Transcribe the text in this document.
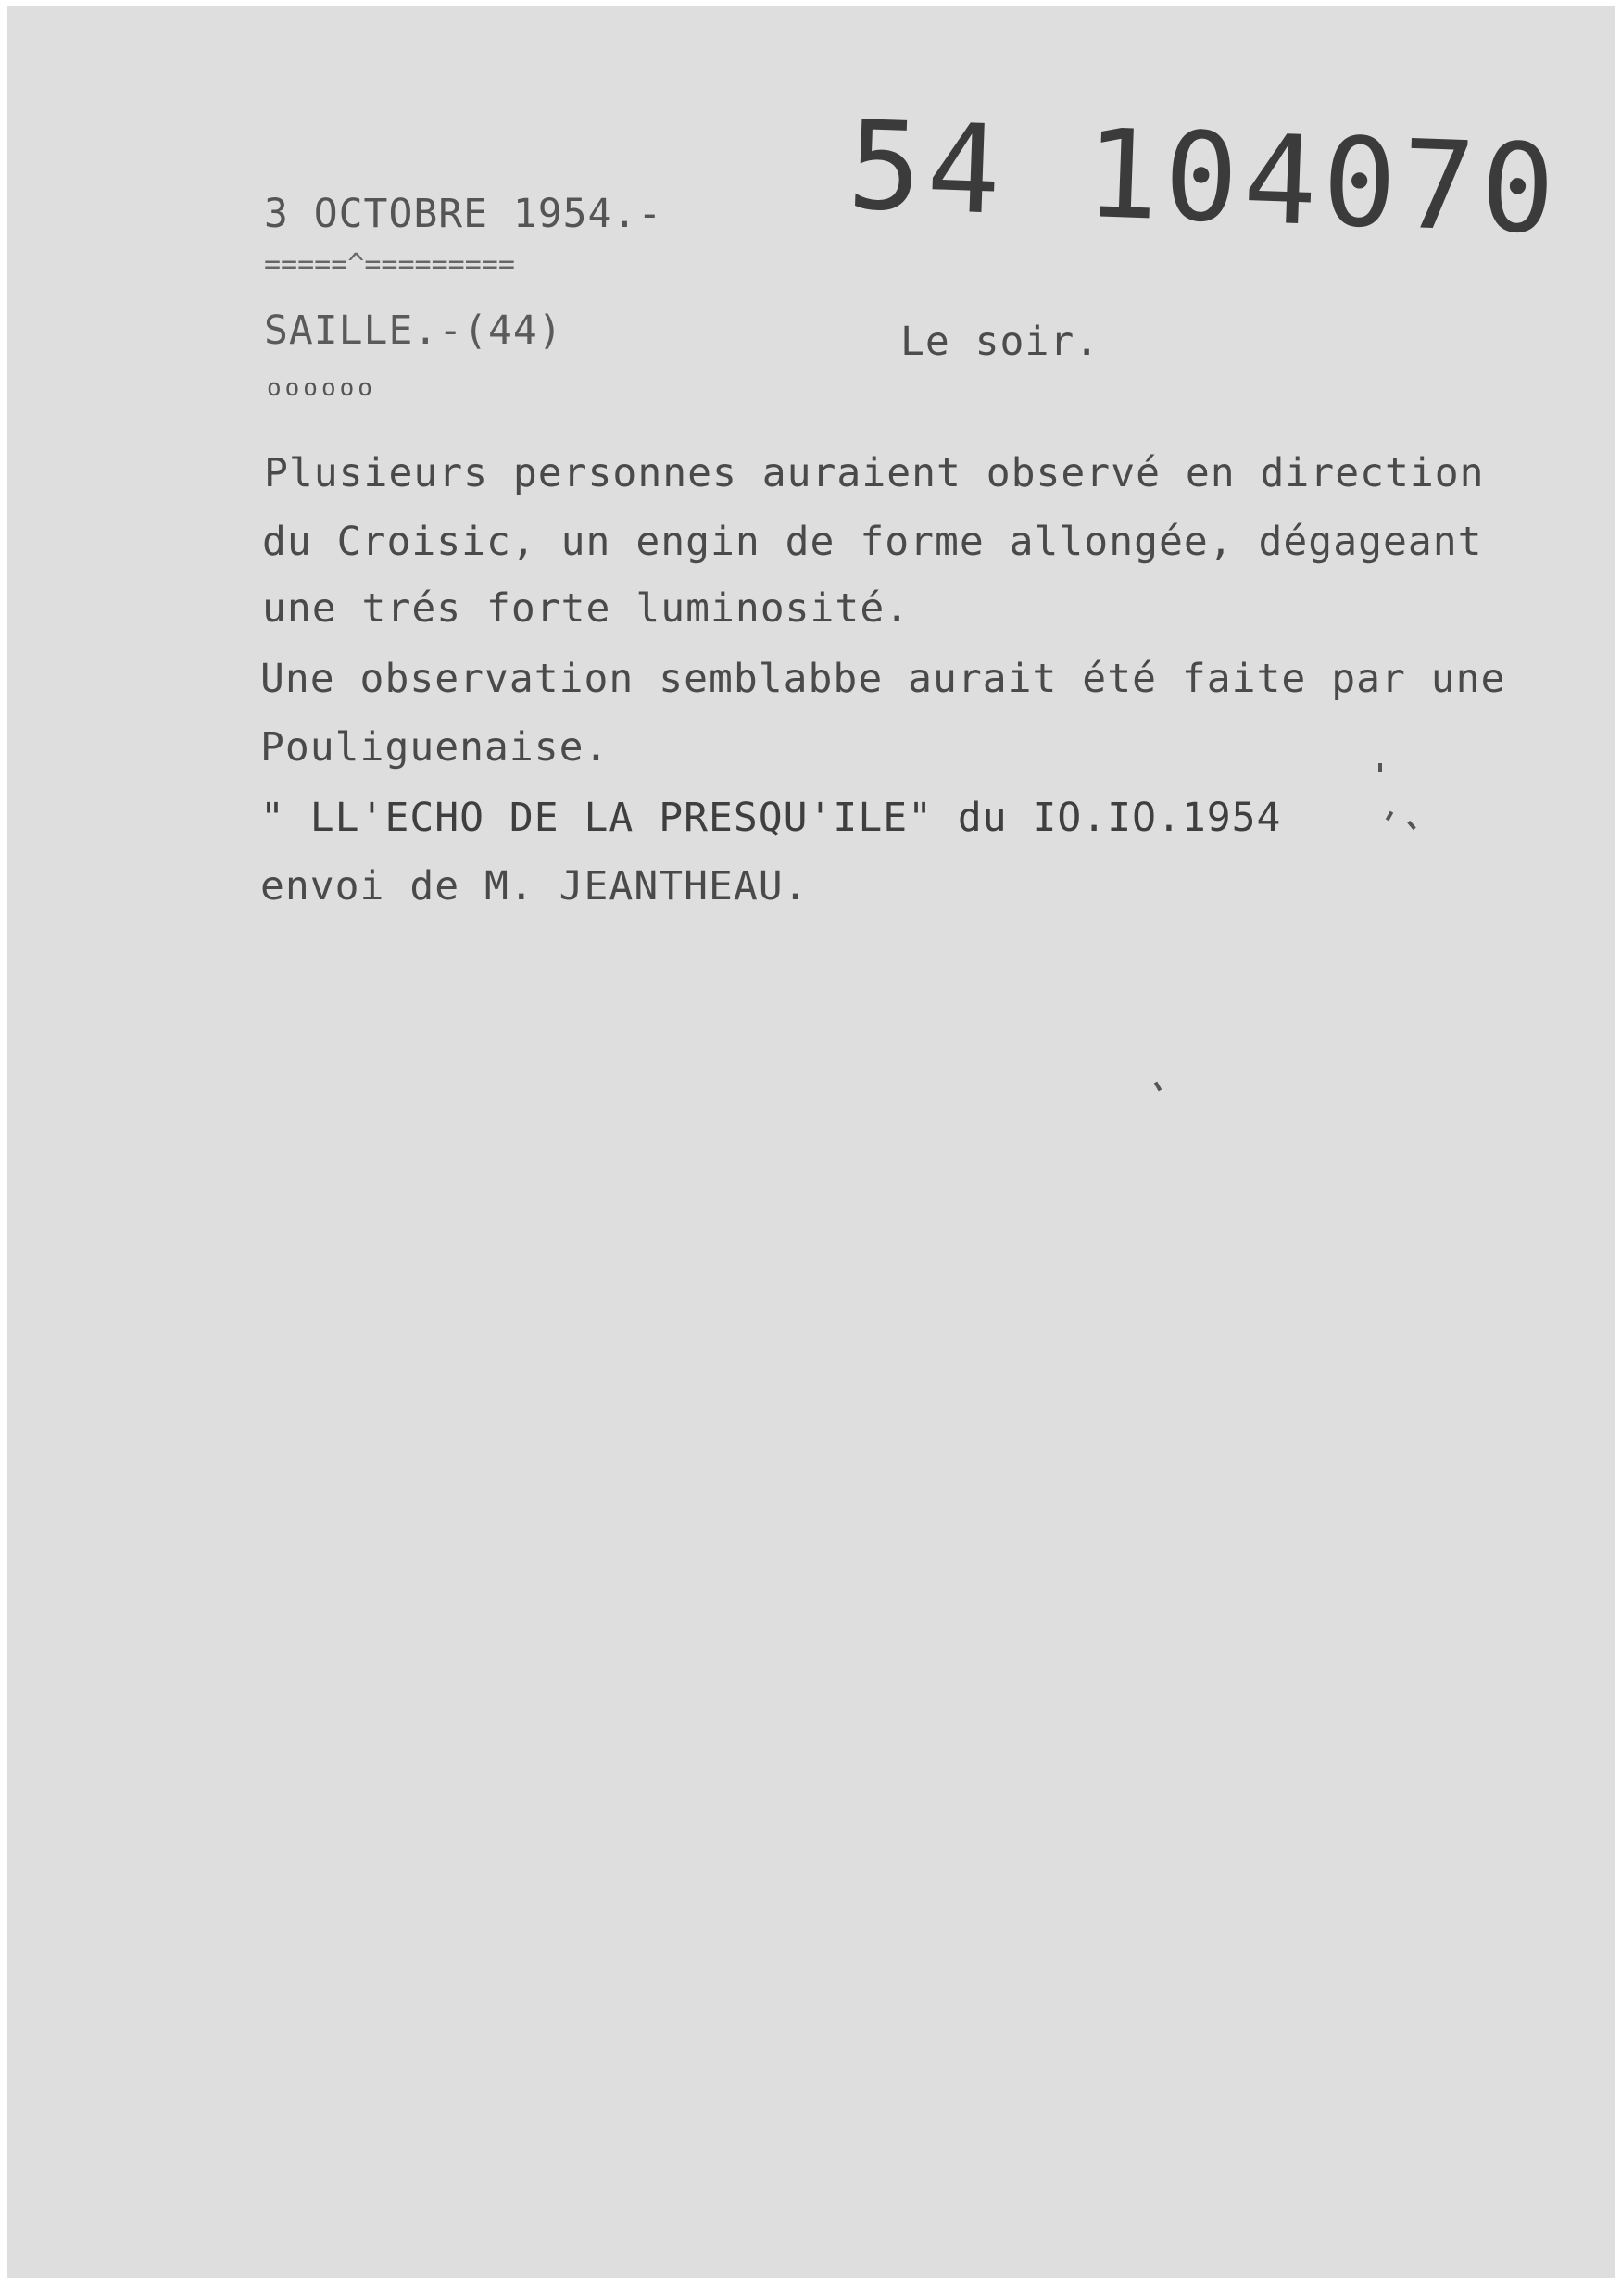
54 104070
3 OCTOBRE 1954.-
=====^=========
SAILLE.-(44)	Le soir.
oooooo
Plusieurs personnes auraient observé en direction
du Croisic, un engin de forme allongée, dégageant
une trés forte luminosité.
Une observation semblabbe aurait été faite par une
Pouliguenaise.
" LL'ECHO DE LA PRESQU'ILE" du IO.IO.1954
envoi de M. JEANTHEAU.
